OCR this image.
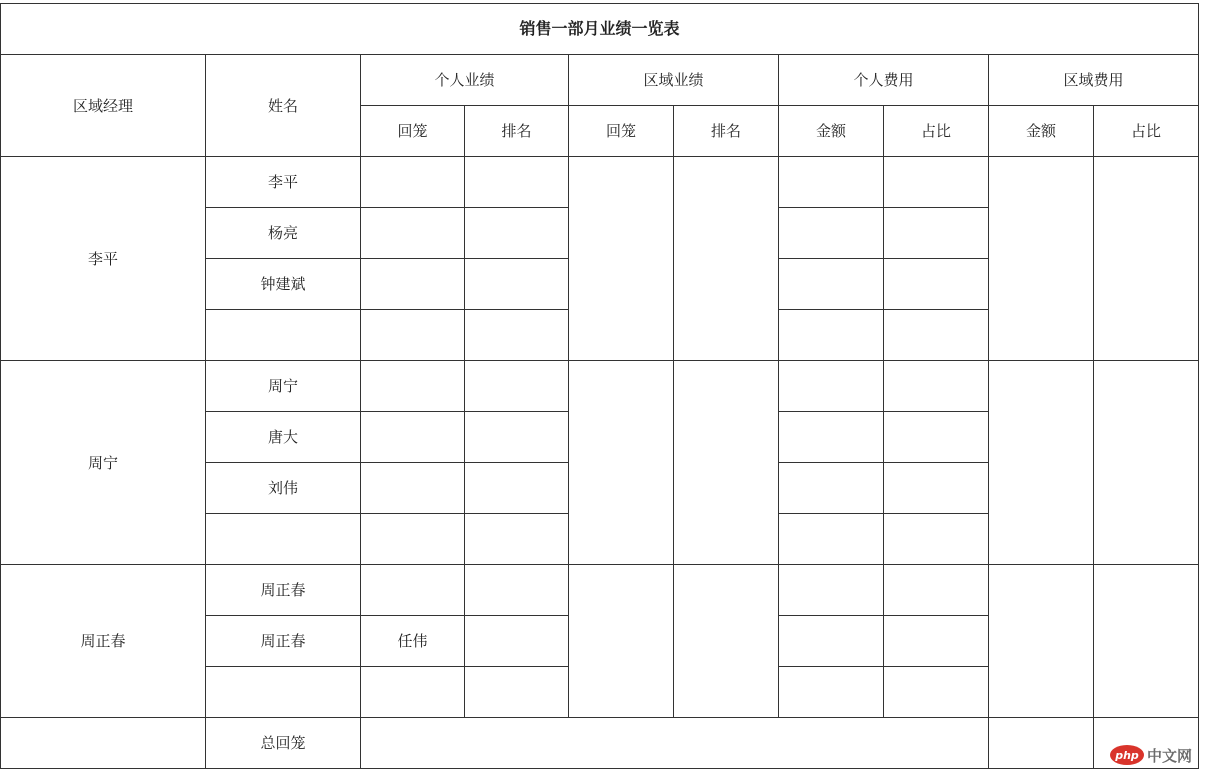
销售一部月业绩一览表									
区域经理	姓名	个人业绩		区域业绩		个人费用		区域费用	
		回笼	排名	回笼	排名	金额	占比	金额	占比
李平	李平								
	杨亮								
	钟建斌								

周宁	周宁								
	唐大								
	刘伟								

周正春	周正春								
	周正春	任伟							

	总回笼								
php 中文网
